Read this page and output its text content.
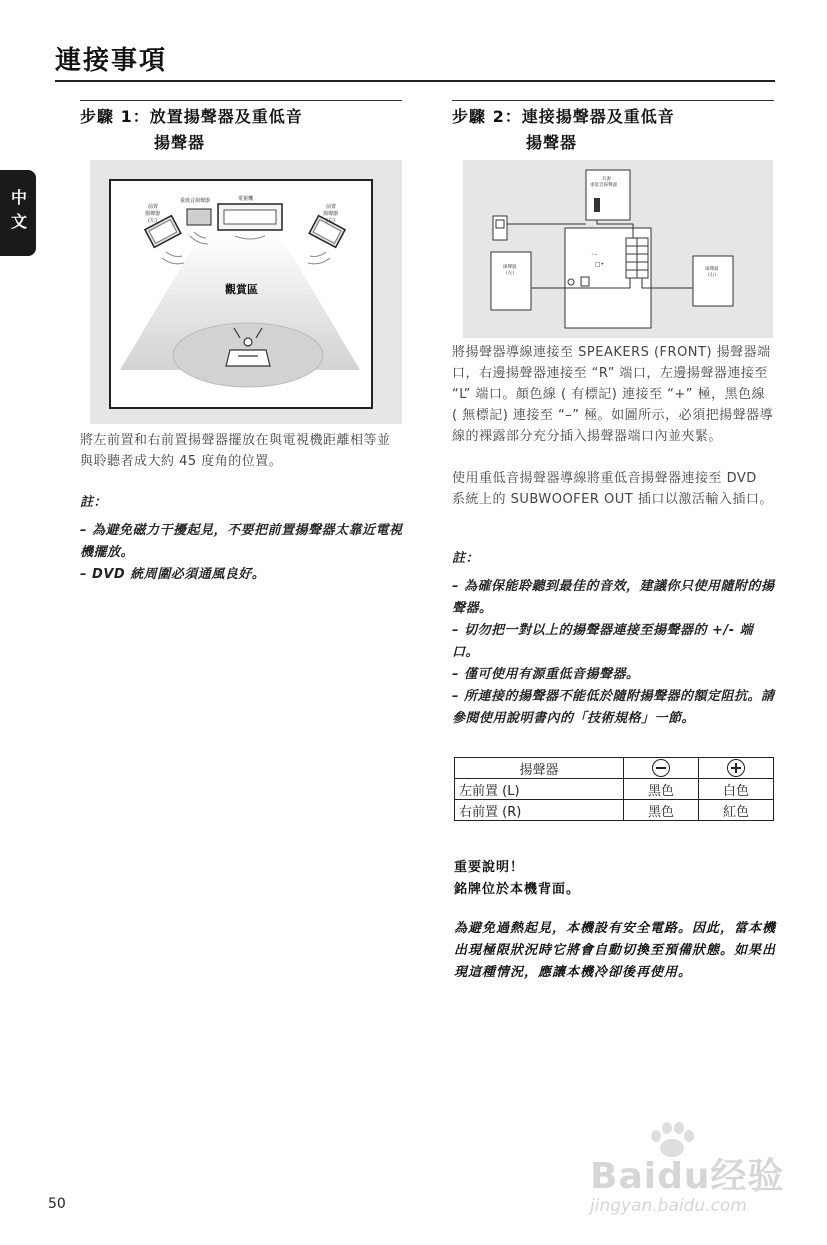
連接事項
中文
步驟 1：放置揚聲器及重低音
揚聲器
前置揚聲器(左)
重低音揚聲器	電視機
前置揚聲器(右)
觀賞區
將左前置和右前置揚聲器擺放在與電視機距離相等並與聆聽者成大約 45 度角的位置。
註：

– 為避免磁力干擾起見，不要把前置揚聲器太靠近電視機擺放。

– DVD 統周圍必須通風良好。

步驟 2：連接揚聲器及重低音
揚聲器
有源重低音揚聲器
◦–
□•
揚聲器(左)
揚聲器(右)
將揚聲器導線連接至 SPEAKERS (FRONT) 揚聲器端口，右邊揚聲器連接至 “R” 端口，左邊揚聲器連接至 “L” 端口。顏色線 ( 有標記) 連接至 “+” 極，黑色線 ( 無標記) 連接至 “–” 極。如圖所示，必須把揚聲器導線的裸露部分充分插入揚聲器端口內並夾緊。
使用重低音揚聲器導線將重低音揚聲器連接至 DVD 系統上的 SUBWOOFER OUT 插口以激活輸入插口。
註：

– 為確保能聆聽到最佳的音效，建議你只使用隨附的揚聲器。

– 切勿把一對以上的揚聲器連接至揚聲器的 +/- 端口。

– 僅可使用有源重低音揚聲器。

– 所連接的揚聲器不能低於隨附揚聲器的額定阻抗。請參閱使用說明書內的「技術規格」一節。

揚聲器		
左前置 (L)	黑色	白色
右前置 (R)	黑色	紅色
重要說明！
銘牌位於本機背面。
為避免過熱起見，本機設有安全電路。因此，當本機出現極限狀況時它將會自動切換至預備狀態。如果出現這種情況，應讓本機冷卻後再使用。
50
Baidu经验
jingyan.baidu.com
